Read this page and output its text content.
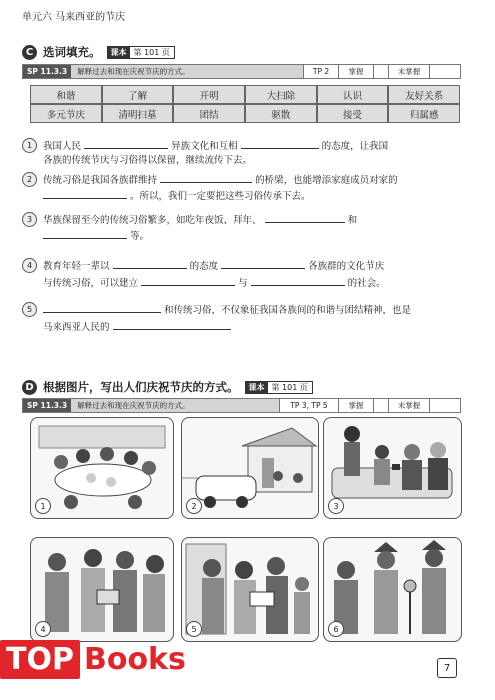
单元六 马来西亚的节庆
C 选词填充。	课本 第 101 页
SP 11.3.3	解释过去和现在庆祝节庆的方式。	TP 2	掌握	未掌握
和谐	了解	开明	大扫除	认识	友好关系
多元节庆	清明扫墓	团结	驱散	接受	归属感
1	我国人民	异族文化和互相	的态度，让我国
各族的传统节庆与习俗得以保留，继续流传下去。
2	传统习俗是我国各族群维持	的桥梁，也能增添家庭成员对家的
。所以，我们一定要把这些习俗传承下去。
3	华族保留至今的传统习俗繁多，如吃年夜饭、拜年、	和
等。
4	教育年轻一辈以	的态度	各族群的文化节庆
与传统习俗，可以建立	与	的社会。
5	和传统习俗，不仅象征我国各族间的和谐与团结精神，也是
马来西亚人民的
D 根据图片，写出人们庆祝节庆的方式。	课本 第 101 页
SP 11.3.3	解释过去和现在庆祝节庆的方式。	TP 3, TP 5	掌握	未掌握
1	2	3
4	5	6
TOP Books	7
